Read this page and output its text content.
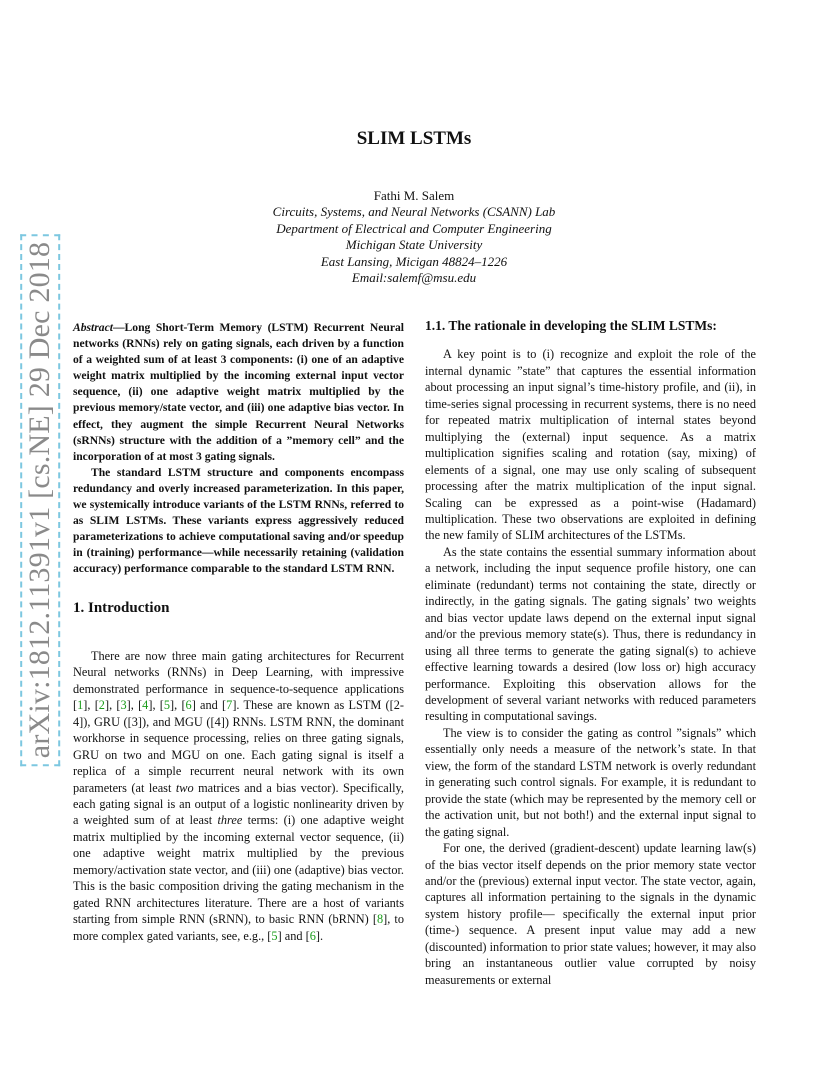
arXiv:1812.11391v1 [cs.NE] 29 Dec 2018
SLIM LSTMs
Fathi M. Salem
Circuits, Systems, and Neural Networks (CSANN) Lab
Department of Electrical and Computer Engineering
Michigan State University
East Lansing, Micigan 48824–1226
Email:salemf@msu.edu

Abstract—Long Short-Term Memory (LSTM) Recurrent Neural networks (RNNs) rely on gating signals, each driven by a function of a weighted sum of at least 3 components: (i) one of an adaptive weight matrix multiplied by the incoming external input vector sequence, (ii) one adaptive weight matrix multiplied by the previous memory/state vector, and (iii) one adaptive bias vector. In effect, they augment the simple Recurrent Neural Networks (sRNNs) structure with the addition of a ”memory cell” and the incorporation of at most 3 gating signals.

The standard LSTM structure and components encompass redundancy and overly increased parameterization. In this paper, we systemically introduce variants of the LSTM RNNs, referred to as SLIM LSTMs. These variants express aggressively reduced parameterizations to achieve computational saving and/or speedup in (training) performance—while necessarily retaining (validation accuracy) performance comparable to the standard LSTM RNN.

1. Introduction

There are now three main gating architectures for Recurrent Neural networks (RNNs) in Deep Learning, with impressive demonstrated performance in sequence-to-sequence applications [ 1 ] , [ 2 ] , [ 3 ] , [ 4 ] , [ 5 ] , [ 6 ] and [ 7 ] . These are known as LSTM ([2-4]), GRU ([3]), and MGU ([4]) RNNs. LSTM RNN, the dominant workhorse in sequence processing, relies on three gating signals, GRU on two and MGU on one. Each gating signal is itself a replica of a simple recurrent neural network with its own parameters (at least two matrices and a bias vector). Specifically, each gating signal is an output of a logistic nonlinearity driven by a weighted sum of at least three terms: (i) one adaptive weight matrix multiplied by the incoming external vector sequence, (ii) one adaptive weight matrix multiplied by the previous memory/activation state vector, and (iii) one (adaptive) bias vector. This is the basic composition driving the gating mechanism in the gated RNN architectures literature. There are a host of variants starting from simple RNN (sRNN), to basic RNN (bRNN) [ 8 ] , to more complex gated variants, see, e.g., [ 5 ] and [ 6 ] .

1.1. The rationale in developing the SLIM LSTMs:

A key point is to (i) recognize and exploit the role of the internal dynamic ”state” that captures the essential information about processing an input signal’s time-history profile, and (ii), in time-series signal processing in recurrent systems, there is no need for repeated matrix multiplication of internal states beyond multiplying the (external) input sequence. As a matrix multiplication signifies scaling and rotation (say, mixing) of elements of a signal, one may use only scaling of subsequent processing after the matrix multiplication of the input signal. Scaling can be expressed as a point-wise (Hadamard) multiplication. These two observations are exploited in defining the new family of SLIM architectures of the LSTMs.

As the state contains the essential summary information about a network, including the input sequence profile history, one can eliminate (redundant) terms not containing the state, directly or indirectly, in the gating signals. The gating signals’ two weights and bias vector update laws depend on the external input signal and/or the previous memory state(s). Thus, there is redundancy in using all three terms to generate the gating signal(s) to achieve effective learning towards a desired (low loss or) high accuracy performance. Exploiting this observation allows for the development of several variant networks with reduced parameters resulting in computational savings.

The view is to consider the gating as control ”signals” which essentially only needs a measure of the network’s state. In that view, the form of the standard LSTM network is overly redundant in generating such control signals. For example, it is redundant to provide the state (which may be represented by the memory cell or the activation unit, but not both!) and the external input signal to the gating signal.

For one, the derived (gradient-descent) update learning law(s) of the bias vector itself depends on the prior memory state vector and/or the (previous) external input vector. The state vector, again, captures all information pertaining to the signals in the dynamic system history profile— specifically the external input prior (time-) sequence. A present input value may add a new (discounted) information to prior state values; however, it may also bring an instantaneous outlier value corrupted by noisy measurements or external
